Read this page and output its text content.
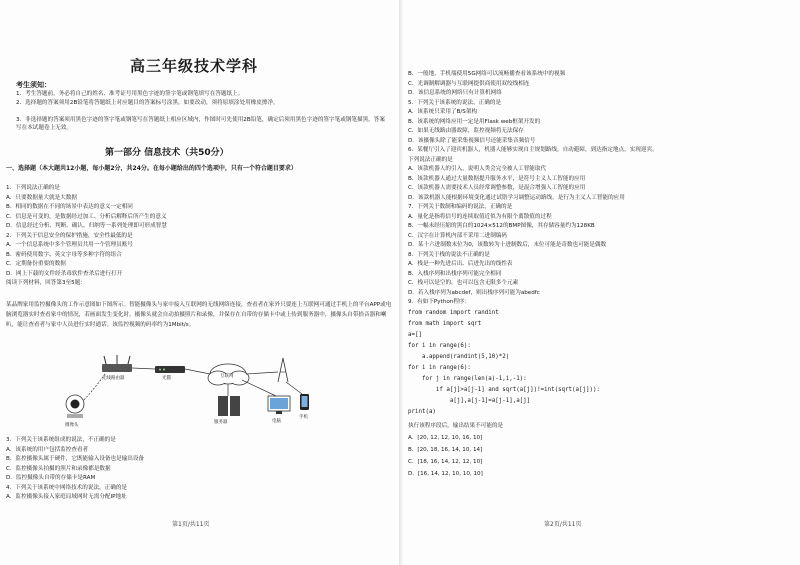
高三年级技术学科
考生须知：
1．考生答题前，务必将自己的姓名、准考证号用黑色字迹的签字笔或钢笔填写在答题纸上。
2．选择题的答案须用2B铅笔将答题纸上对应题目的答案标号涂黑，如要改动，须将原填涂处用橡皮擦净。
3．非选择题的答案须用黑色字迹的签字笔或钢笔写在答题纸上相应区域内，作图时可先使用2B铅笔，确定后须用黑色字迹的签字笔或钢笔描黑，答案写在本试题卷上无效。
第一部分 信息技术（共50分）
一、选择题（本大题共12小题，每小题2分，共24分。在每小题给出的四个选项中，只有一个符合题目要求）
1．下列说法正确的是
A．只要数据量大就是大数据
B．相同的数据在不同的场景中表达的意义一定相同
C．信息是可变的，是数据经过加工、分析后解释后所产生的意义
D．信息经过分析、判断、确认、归纳等一系列处理即可形成智慧
2．下列关于信息安全的保护措施，安全性最低的是
A．一个信息系统中多个管理员共用一个管理员账号
B．密码使用数字、英文字母等多种字符的组合
C．定期备份重要的数据
D．网上下载的文件经杀毒软件查杀后进行打开
阅读下列材料，回答第3至5题：
某品牌家用监控摄像头的工作示意图如下图所示。智能摄像头与家中接入互联网的无线网络连接，查看者在家外只要连上互联网可通过手机上的平台APP或电脑浏览器实时查看家中的情况，若画面发生变化时，摄像头就会自动拍摄照片和录像，并保存在自带的存储卡中或上传到服务器中，摄像头自带拾音器和喇叭，能让查看者与家中人员进行实时通话。该监控视频的码率约为1Mbit/s。
无线路由器	光猫	互联网
服务器	电脑
手机
摄像头
3．下列关于该系统组成的说法，不正确的是
A．该系统的用户包括监控查看者
B．监控摄像头属于硬件，它既能输入设备也是输出设备
C．监控摄像头拍摄的照片和录像都是数据
D．监控摄像头自带的存储卡是RAM
4．下列关于该系统中网络技术的说法，正确的是
A．监控摄像头接入家庭局域网时无需分配IP地址
第1页/共11页
B．一般地，手机端使用5G网络可以流畅播查看该系统中的视频
C．光调制解调器与互联网提供商使用双绞线相连
D．该信息系统的网络只有计算机网络
5．下列关于该系统的说法，正确的是
A．该系统只采用了B/S架构
B．该系统的网络应用一定是用Flask web框架开发的
C．如果无线路由器故障，监控视频将无法保存
D．该摄像头除了能采集视频信号还能采集音频信号
6．某餐厅引入了迎宾机器人，机器人能够实现自主规划路线，自动避障，到达指定地点，实现迎宾。
下列说法正确的是
A．该款机器人的引入，说明人类会完全被人工智能取代
B．该款机器人通过大量数据提升服务水平，是符号主义人工智能的应用
C．该款机器人需要技术人员经常调整参数，是混合增强人工智能的应用
D．该款机器人能根据环境变化通过试错学习调整运动路线，是行为主义人工智能的应用
7．下列关于数制和编码的说法，正确的是
A．量化是指将信号的连续取值近似为有限个离散值的过程
B．一幅未经压缩的黑白的1024×512的BMP图像，其存储容量约为128KB
C．汉字在计算机内部不采用二进制编码
D．某十六进制数末位为0，该数转为十进制数后，末位可能是奇数也可能是偶数
8．下列关于栈的说法不正确的是
A．栈是一种先进后出、后进先出的线性表
B．入栈序列和出栈序列可能完全相同
C．栈可以是空的，也可以包含无限多个元素
D．若入栈序列为abcdef，则出栈序列可能为abedfc
9．有如下Python程序：
from random import randint
from math import sqrt
a=[]
for i in range(6):
a.append(randint(5,10)*2)
for i in range(6):
for j in range(len(a)-1,i,-1):
if a[j]>a[j-1] and sqrt(a[j])!=int(sqrt(a[j])):
a[j],a[j-1]=a[j-1],a[j]
print(a)
执行该程序段后，输出结果不可能的是
A．[20, 12, 12, 10, 16, 10]
B．[20, 18, 16, 14, 10, 14]
C．[18, 16, 14, 12, 12, 10]
D．[16, 14, 12, 10, 10, 10]
第2页/共11页
